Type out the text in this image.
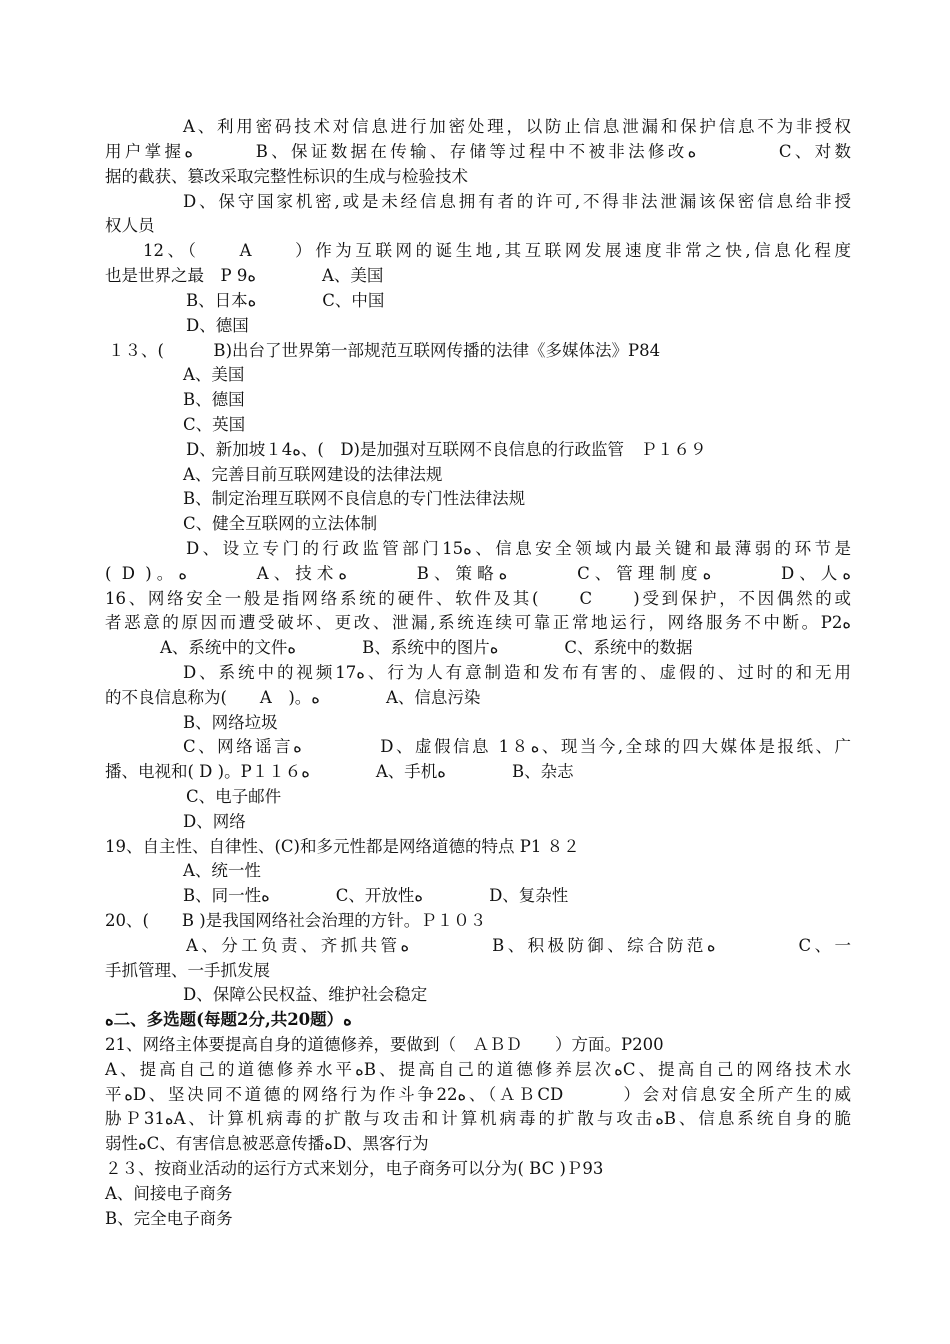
A、利用密码技术对信息进行加密处理，以防止信息泄漏和保护信息不为非授权
用户掌握ﻩ　　　B、保证数据在传输、存储等过程中不被非法修改ﻩ　　　　C、对数
据的截获、篡改采取完整性标识的生成与检验技术
D、保守国家机密,或是未经信息拥有者的许可,不得非法泄漏该保密信息给非授
权人员
12、（　　A　　）作为互联网的诞生地,其互联网发展速度非常之快,信息化程度
也是世界之最　P 9ﻩ　　　　A、美国
B、日本ﻩ　　　　C、中国
D、德国
１３、(　　　B)出台了世界第一部规范互联网传播的法律《多媒体法》P84
A、美国
B、德国
C、英国
D、新加坡１4ﻩ、(　D)是加强对互联网不良信息的行政监管　Ｐ１６９
A、完善目前互联网建设的法律法规
B、制定治理互联网不良信息的专门性法律法规
C、健全互联网的立法体制
D、设立专门的行政监管部门15ﻩ、信息安全领域内最关键和最薄弱的环节是
( D )。ﻩ　　　A、技术ﻩ　　　B、策略ﻩ　　　C、管理制度ﻩ　　　D、人ﻩ
16、网络安全一般是指网络系统的硬件、软件及其(　　C　　)受到保护，不因偶然的或
者恶意的原因而遭受破坏、更改、泄漏,系统连续可靠正常地运行，网络服务不中断。P2ﻩ
A、系统中的文件ﻩ　　　　B、系统中的图片ﻩ　　　　C、系统中的数据
D、系统中的视频17ﻩ、行为人有意制造和发布有害的、虚假的、过时的和无用
的不良信息称为(　　A　)。ﻩ　　　　A、信息污染
B、网络垃圾
C、网络谣言ﻩ　　　　D、虚假信息 1８ﻩ、现当今,全球的四大媒体是报纸、广
播、电视和( D )。P１１６ﻩ　　　　A、手机ﻩ　　　　B、杂志
C、电子邮件
D、网络
19、自主性、自律性、(C)和多元性都是网络道德的特点 P1 ８２
A、统一性
B、同一性ﻩ　　　　C、开放性ﻩ　　　　D、复杂性
20、(　　B )是我国网络社会治理的方针。Ｐ１０３
A、分工负责、齐抓共管ﻩ　　　　B、积极防御、综合防范ﻩ　　　　C、一
手抓管理、一手抓发展
D、保障公民权益、维护社会稳定
ﻩ二、多选题(每题2分,共20题）ﻩ
21、网络主体要提高自身的道德修养，要做到（　ＡＢＤ　　）方面。P200
A、提高自己的道德修养水平ﻩB、提高自己的道德修养层次ﻩC、提高自己的网络技术水
平ﻩD、坚决同不道德的网络行为作斗争22ﻩ、（ＡＢCD　　　）会对信息安全所产生的威
胁Ｐ31ﻩA、计算机病毒的扩散与攻击和计算机病毒的扩散与攻击ﻩB、信息系统自身的脆
弱性ﻩC、有害信息被恶意传播ﻩD、黑客行为
２３、按商业活动的运行方式来划分，电子商务可以分为( BC )Ｐ93
A、间接电子商务
B、完全电子商务
